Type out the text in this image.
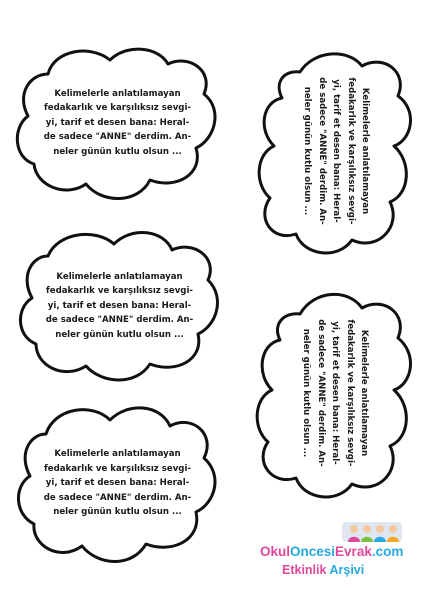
Kelimelerle anlatılamayan
fedakarlık ve karşılıksız sevgi-
yi, tarif et desen bana: Heral-
de sadece "ANNE" derdim. An-
neler günün kutlu olsun ...
Kelimelerle anlatılamayan
fedakarlık ve karşılıksız sevgi-
yi, tarif et desen bana: Heral-
de sadece "ANNE" derdim. An-
neler günün kutlu olsun ...
Kelimelerle anlatılamayan
fedakarlık ve karşılıksız sevgi-
yi, tarif et desen bana: Heral-
de sadece "ANNE" derdim. An-
neler günün kutlu olsun ...
Kelimelerle anlatılamayan
fedakarlık ve karşılıksız sevgi-
yi, tarif et desen bana: Heral-
de sadece "ANNE" derdim. An-
neler günün kutlu olsun ...
Kelimelerle anlatılamayan
fedakarlık ve karşılıksız sevgi-
yi, tarif et desen bana: Heral-
de sadece "ANNE" derdim. An-
neler günün kutlu olsun ...
OkulOncesiEvrak.com
Etkinlik Arşivi
